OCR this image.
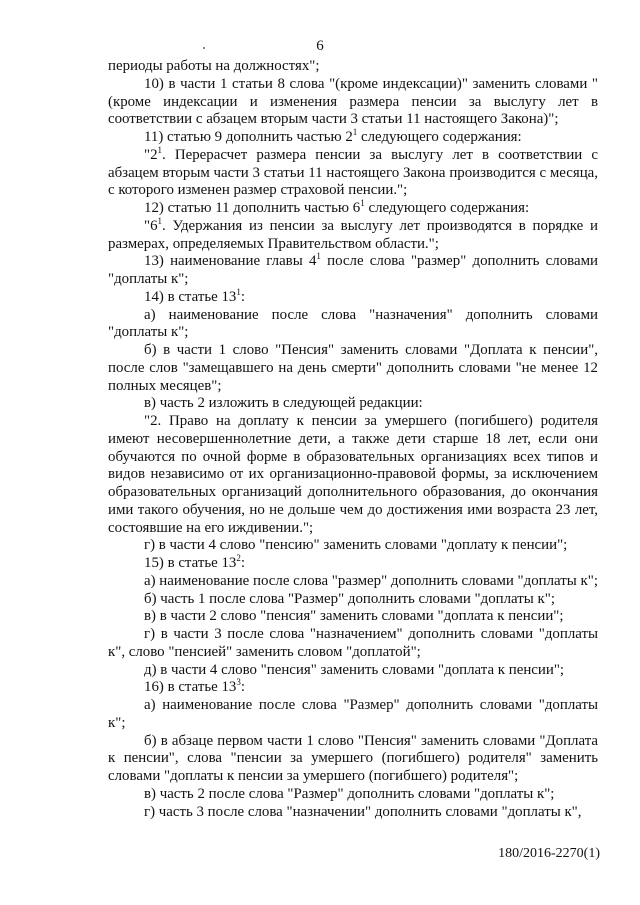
6

периоды работы на должностях";

10) в части 1 статьи 8 слова "(кроме индексации)" заменить словами "(кроме индексации и изменения размера пенсии за выслугу лет в соответствии с абзацем вторым части 3 статьи 11 настоящего Закона)";

11) статью 9 дополнить частью $2^1$ следующего содержания:

"$2^1$. Перерасчет размера пенсии за выслугу лет в соответствии с абзацем вторым части 3 статьи 11 настоящего Закона производится с месяца, с которого изменен размер страховой пенсии.";

12) статью 11 дополнить частью $6^1$ следующего содержания:

"$6^1$. Удержания из пенсии за выслугу лет производятся в порядке и размерах, определяемых Правительством области.";

13) наименование главы $4^1$ после слова "размер" дополнить словами "доплаты к";

14) в статье $13^1$:

а) наименование после слова "назначения" дополнить словами "доплаты к";

б) в части 1 слово "Пенсия" заменить словами "Доплата к пенсии", после слов "замещавшего на день смерти" дополнить словами "не менее 12 полных месяцев";

в) часть 2 изложить в следующей редакции:

"2. Право на доплату к пенсии за умершего (погибшего) родителя имеют несовершеннолетние дети, а также дети старше 18 лет, если они обучаются по очной форме в образовательных организациях всех типов и видов независимо от их организационно-правовой формы, за исключением образовательных организаций дополнительного образования, до окончания ими такого обучения, но не дольше чем до достижения ими возраста 23 лет, состоявшие на его иждивении.";

г) в части 4 слово "пенсию" заменить словами "доплату к пенсии";

15) в статье $13^2$:

а) наименование после слова "размер" дополнить словами "доплаты к";

б) часть 1 после слова "Размер" дополнить словами "доплаты к";

в) в части 2 слово "пенсия" заменить словами "доплата к пенсии";

г) в части 3 после слова "назначением" дополнить словами "доплаты к", слово "пенсией" заменить словом "доплатой";

д) в части 4 слово "пенсия" заменить словами "доплата к пенсии";

16) в статье $13^3$:

а) наименование после слова "Размер" дополнить словами "доплаты к";

б) в абзаце первом части 1 слово "Пенсия" заменить словами "Доплата к пенсии", слова "пенсии за умершего (погибшего) родителя" заменить словами "доплаты к пенсии за умершего (погибшего) родителя";

в) часть 2 после слова "Размер" дополнить словами "доплаты к";

г) часть 3 после слова "назначении" дополнить словами "доплаты к",

180/2016-2270(1)
